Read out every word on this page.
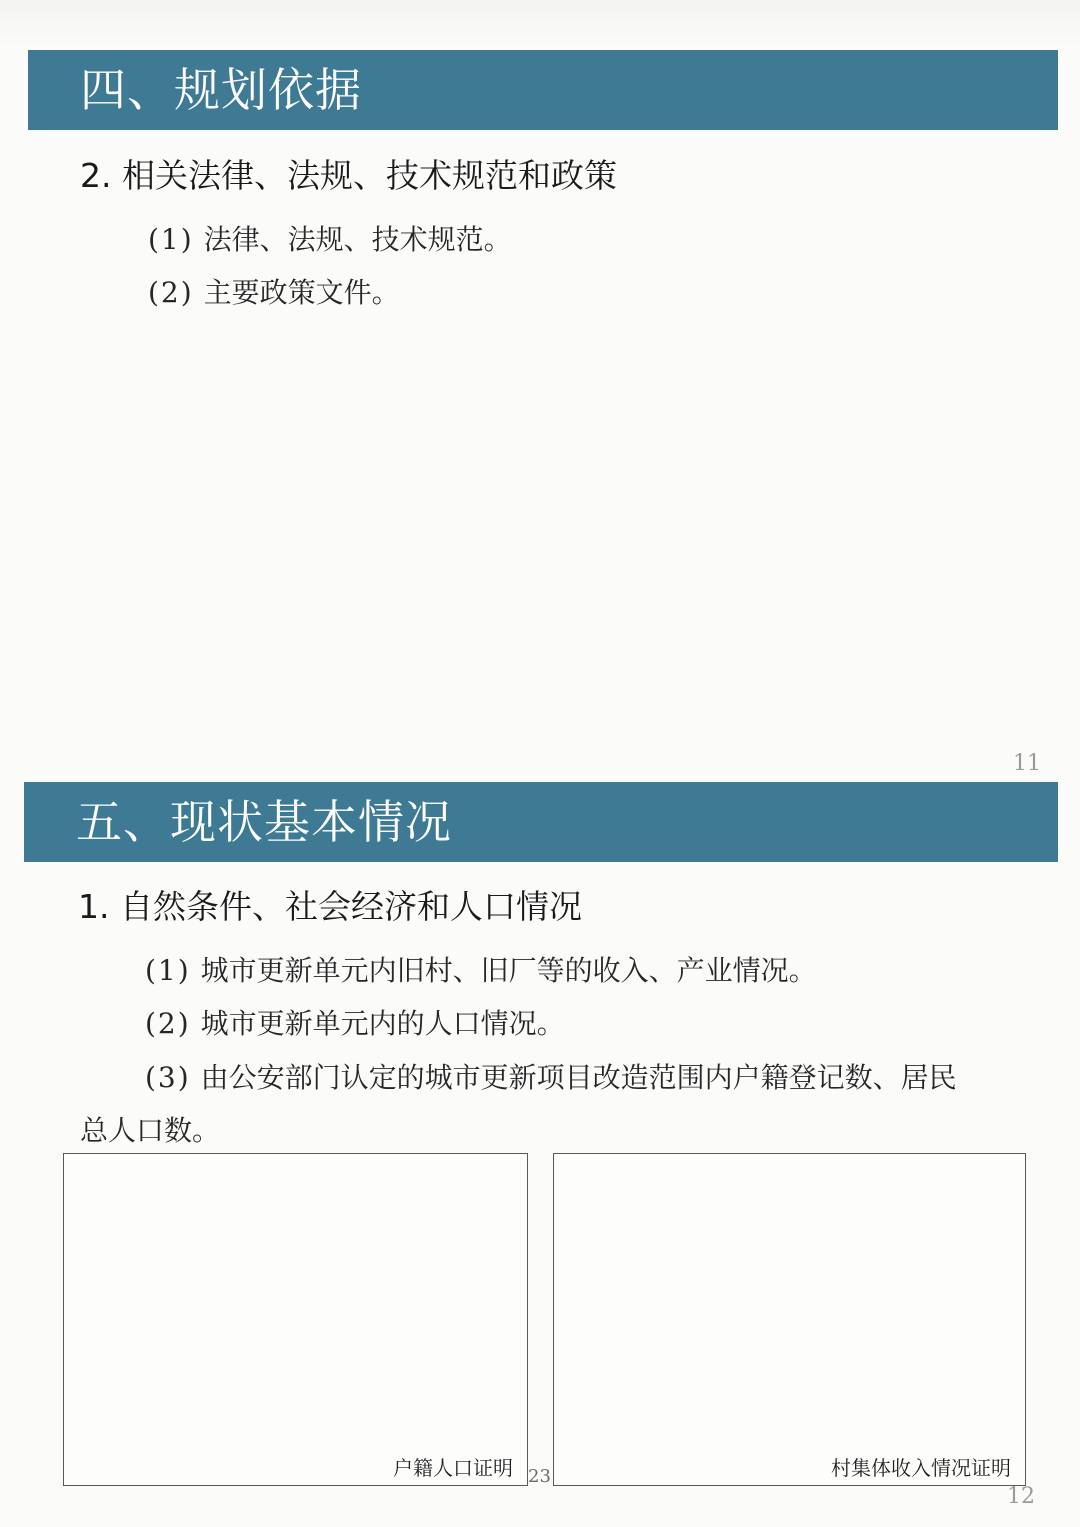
四、规划依据
2. 相关法律、法规、技术规范和政策
(1) 法律、法规、技术规范。
(2) 主要政策文件。
11
五、现状基本情况
1. 自然条件、社会经济和人口情况
(1) 城市更新单元内旧村、旧厂等的收入、产业情况。
(2) 城市更新单元内的人口情况。
(3) 由公安部门认定的城市更新项目改造范围内户籍登记数、居民
总人口数。
户籍人口证明 23	村集体收入情况证明
12
